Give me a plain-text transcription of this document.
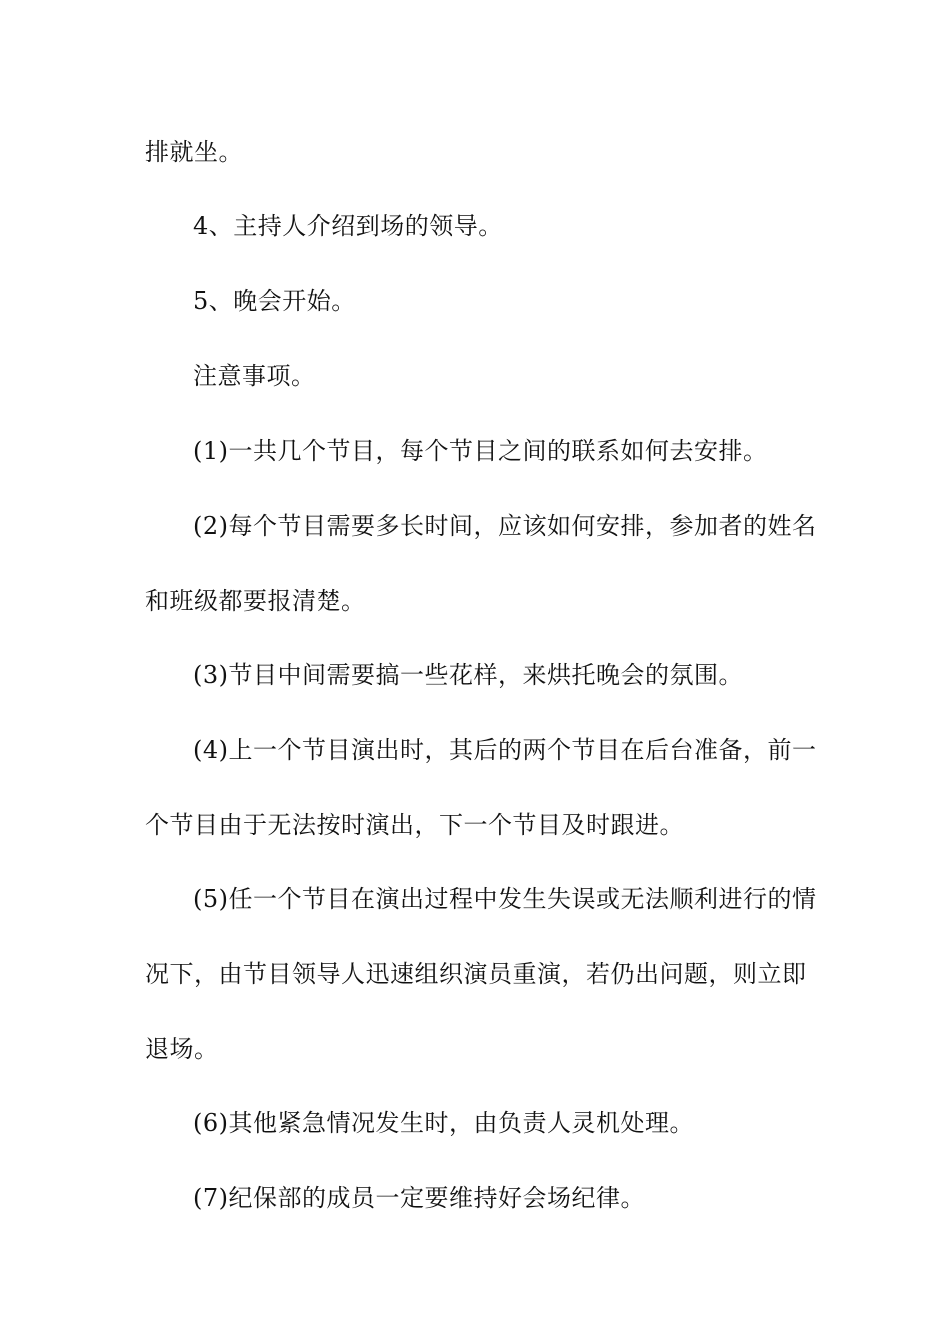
排就坐。
4、主持人介绍到场的领导。
5、晚会开始。
注意事项。
(1)一共几个节目，每个节目之间的联系如何去安排。
(2)每个节目需要多长时间，应该如何安排，参加者的姓名
和班级都要报清楚。
(3)节目中间需要搞一些花样，来烘托晚会的氛围。
(4)上一个节目演出时，其后的两个节目在后台准备，前一
个节目由于无法按时演出，下一个节目及时跟进。
(5)任一个节目在演出过程中发生失误或无法顺利进行的情
况下，由节目领导人迅速组织演员重演，若仍出问题，则立即
退场。
(6)其他紧急情况发生时，由负责人灵机处理。
(7)纪保部的成员一定要维持好会场纪律。
